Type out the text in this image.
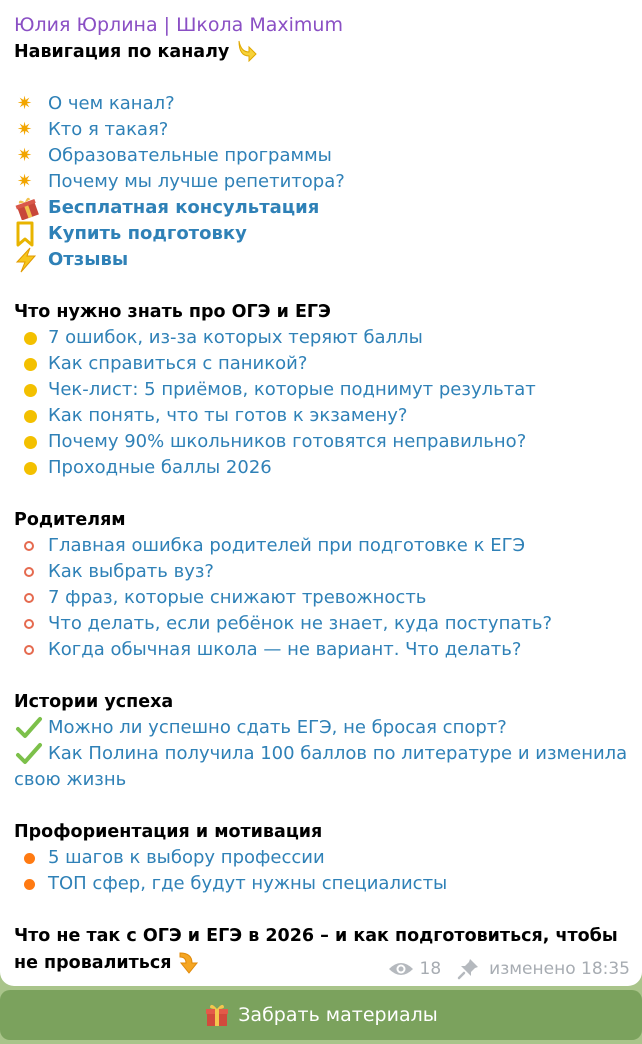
Юлия Юрлина | Школа Maximum
Навигация по каналу
✷ О чем канал?
✷ Кто я такая?
✷ Образовательные программы
✷ Почему мы лучше репетитора?
Бесплатная консультация
Купить подготовку
Отзывы
Что нужно знать про ОГЭ и ЕГЭ
7 ошибок, из-за которых теряют баллы
Как справиться с паникой?
Чек-лист: 5 приёмов, которые поднимут результат
Как понять, что ты готов к экзамену?
Почему 90% школьников готовятся неправильно?
Проходные баллы 2026
Родителям
Главная ошибка родителей при подготовке к ЕГЭ
Как выбрать вуз?
7 фраз, которые снижают тревожность
Что делать, если ребёнок не знает, куда поступать?
Когда обычная школа — не вариант. Что делать?
Истории успеха
Можно ли успешно сдать ЕГЭ, не бросая спорт?
Как Полина получила 100 баллов по литературе и изменила
свою жизнь
Профориентация и мотивация
5 шагов к выбору профессии
ТОП сфер, где будут нужны специалисты
Что не так с ОГЭ и ЕГЭ в 2026 – и как подготовиться, чтобы не провалиться	18	изменено 18:35
Забрать материалы
